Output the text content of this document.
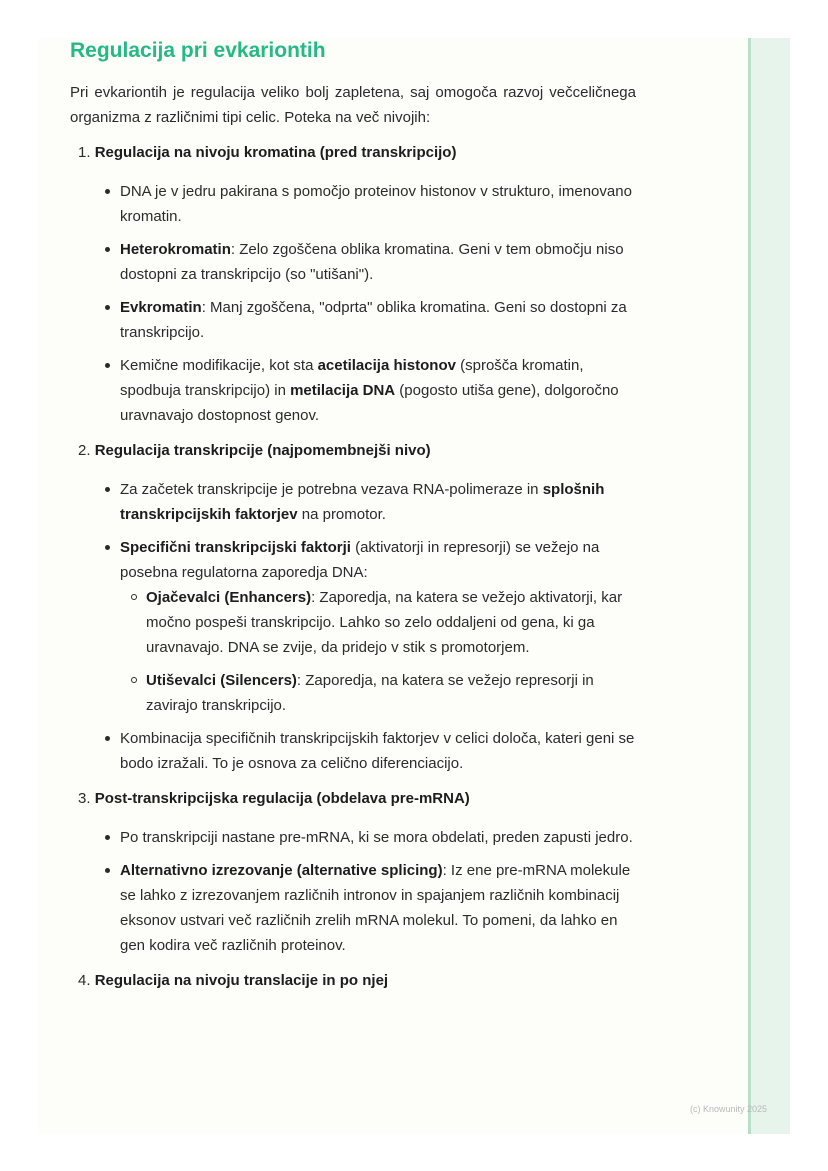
Regulacija pri evkariontih

Pri evkariontih je regulacija veliko bolj zapletena, saj omogoča razvoj večceličnega organizma z različnimi tipi celic. Poteka na več nivojih:

1. Regulacija na nivoju kromatina (pred transkripcijo)
DNA je v jedru pakirana s pomočjo proteinov histonov v strukturo, imenovano kromatin.
Heterokromatin: Zelo zgoščena oblika kromatina. Geni v tem območju niso dostopni za transkripcijo (so "utišani").
Evkromatin: Manj zgoščena, "odprta" oblika kromatina. Geni so dostopni za transkripcijo.
Kemične modifikacije, kot sta acetilacija histonov (sprošča kromatin, spodbuja transkripcijo) in metilacija DNA (pogosto utiša gene), dolgoročno uravnavajo dostopnost genov.
2. Regulacija transkripcije (najpomembnejši nivo)
Za začetek transkripcije je potrebna vezava RNA-polimeraze in splošnih transkripcijskih faktorjev na promotor.
Specifični transkripcijski faktorji (aktivatorji in represorji) se vežejo na posebna regulatorna zaporedja DNA:
Ojačevalci (Enhancers): Zaporedja, na katera se vežejo aktivatorji, kar močno pospeši transkripcijo. Lahko so zelo oddaljeni od gena, ki ga uravnavajo. DNA se zvije, da pridejo v stik s promotorjem.
Utiševalci (Silencers): Zaporedja, na katera se vežejo represorji in zavirajo transkripcijo.
Kombinacija specifičnih transkripcijskih faktorjev v celici določa, kateri geni se bodo izražali. To je osnova za celično diferenciacijo.
3. Post-transkripcijska regulacija (obdelava pre-mRNA)
Po transkripciji nastane pre-mRNA, ki se mora obdelati, preden zapusti jedro.
Alternativno izrezovanje (alternative splicing): Iz ene pre-mRNA molekule se lahko z izrezovanjem različnih intronov in spajanjem različnih kombinacij eksonov ustvari več različnih zrelih mRNA molekul. To pomeni, da lahko en gen kodira več različnih proteinov.
4. Regulacija na nivoju translacije in po njej
(c) Knowunity 2025
